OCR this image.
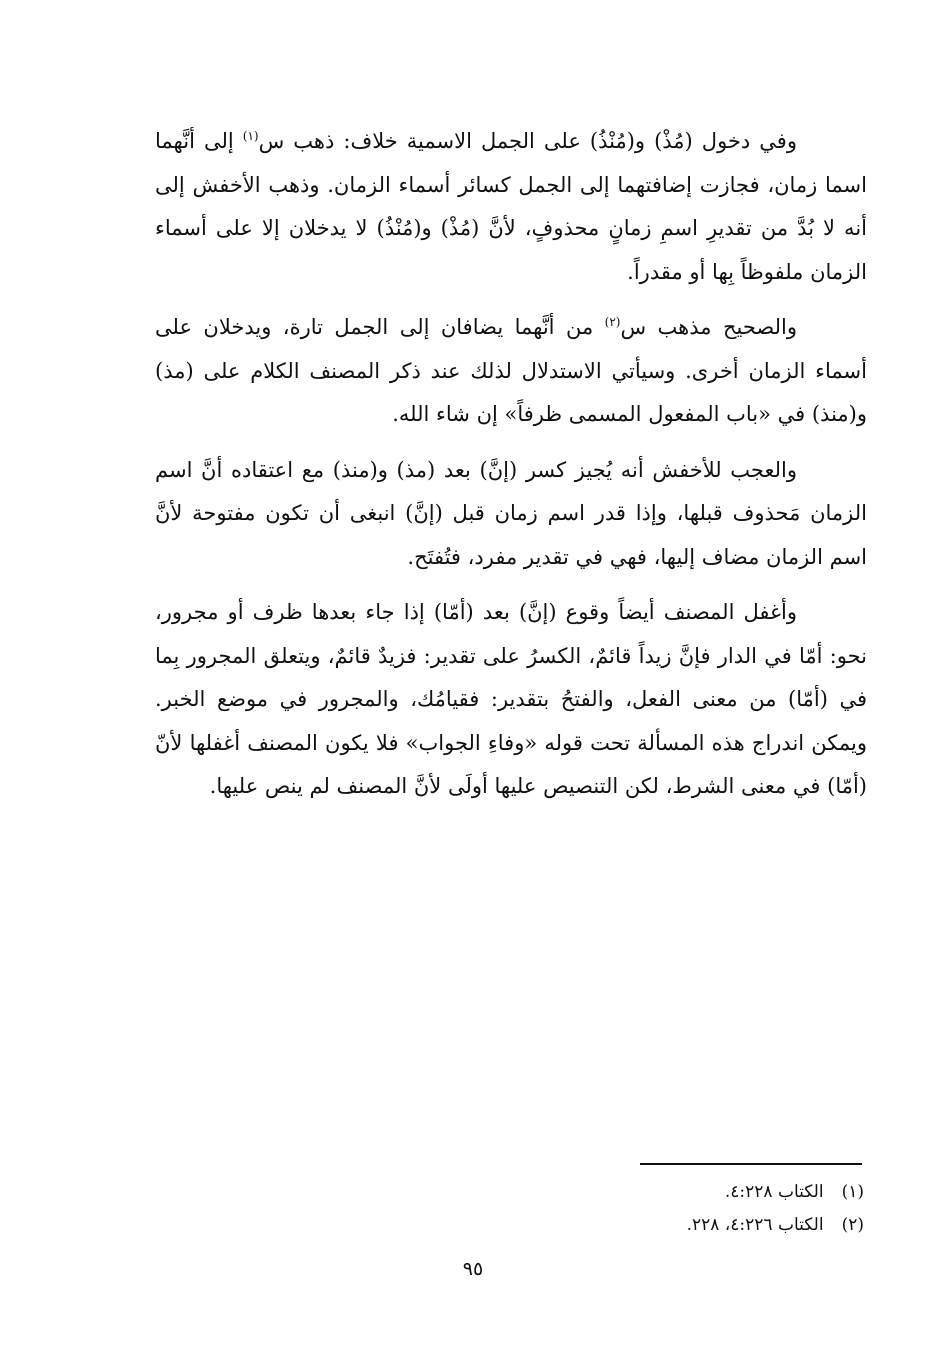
وفي دخول (مُذْ) و(مُنْذُ) على الجمل الاسمية خلاف: ذهب س$^{(١)}$ إلى أنَّهما اسما زمان، فجازت إضافتهما إلى الجمل كسائر أسماء الزمان. وذهب الأخفش إلى أنه لا بُدَّ من تقديرِ اسمِ زمانٍ محذوفٍ، لأنَّ (مُذْ) و(مُنْذُ) لا يدخلان إلا على أسماء الزمان ملفوظاً بِها أو مقدراً.

والصحيح مذهب س$^{(٢)}$ من أنَّهما يضافان إلى الجمل تارة، ويدخلان على أسماء الزمان أخرى. وسيأتي الاستدلال لذلك عند ذكر المصنف الكلام على (مذ) و(منذ) في «باب المفعول المسمى ظرفاً» إن شاء الله.

والعجب للأخفش أنه يُجيز كسر (إنَّ) بعد (مذ) و(منذ) مع اعتقاده أنَّ اسم الزمان مَحذوف قبلها، وإذا قدر اسم زمان قبل (إنَّ) انبغى أن تكون مفتوحة لأنَّ اسم الزمان مضاف إليها، فهي في تقدير مفرد، فتُفتَح.

وأغفل المصنف أيضاً وقوع (إنَّ) بعد (أمّا) إذا جاء بعدها ظرف أو مجرور، نحو: أمّا في الدار فإنَّ زيداً قائمٌ، الكسرُ على تقدير: فزيدٌ قائمٌ، ويتعلق المجرور بِما في (أمّا) من معنى الفعل، والفتحُ بتقدير: فقيامُك، والمجرور في موضع الخبر. ويمكن اندراج هذه المسألة تحت قوله «وفاءِ الجواب» فلا يكون المصنف أغفلها لأنّ (أمّا) في معنى الشرط، لكن التنصيص عليها أولَى لأنَّ المصنف لم ينص عليها.

(١)الكتاب ٤:٢٢٨.
(٢)الكتاب ٤:٢٢٦، ٢٢٨.
٩٥
